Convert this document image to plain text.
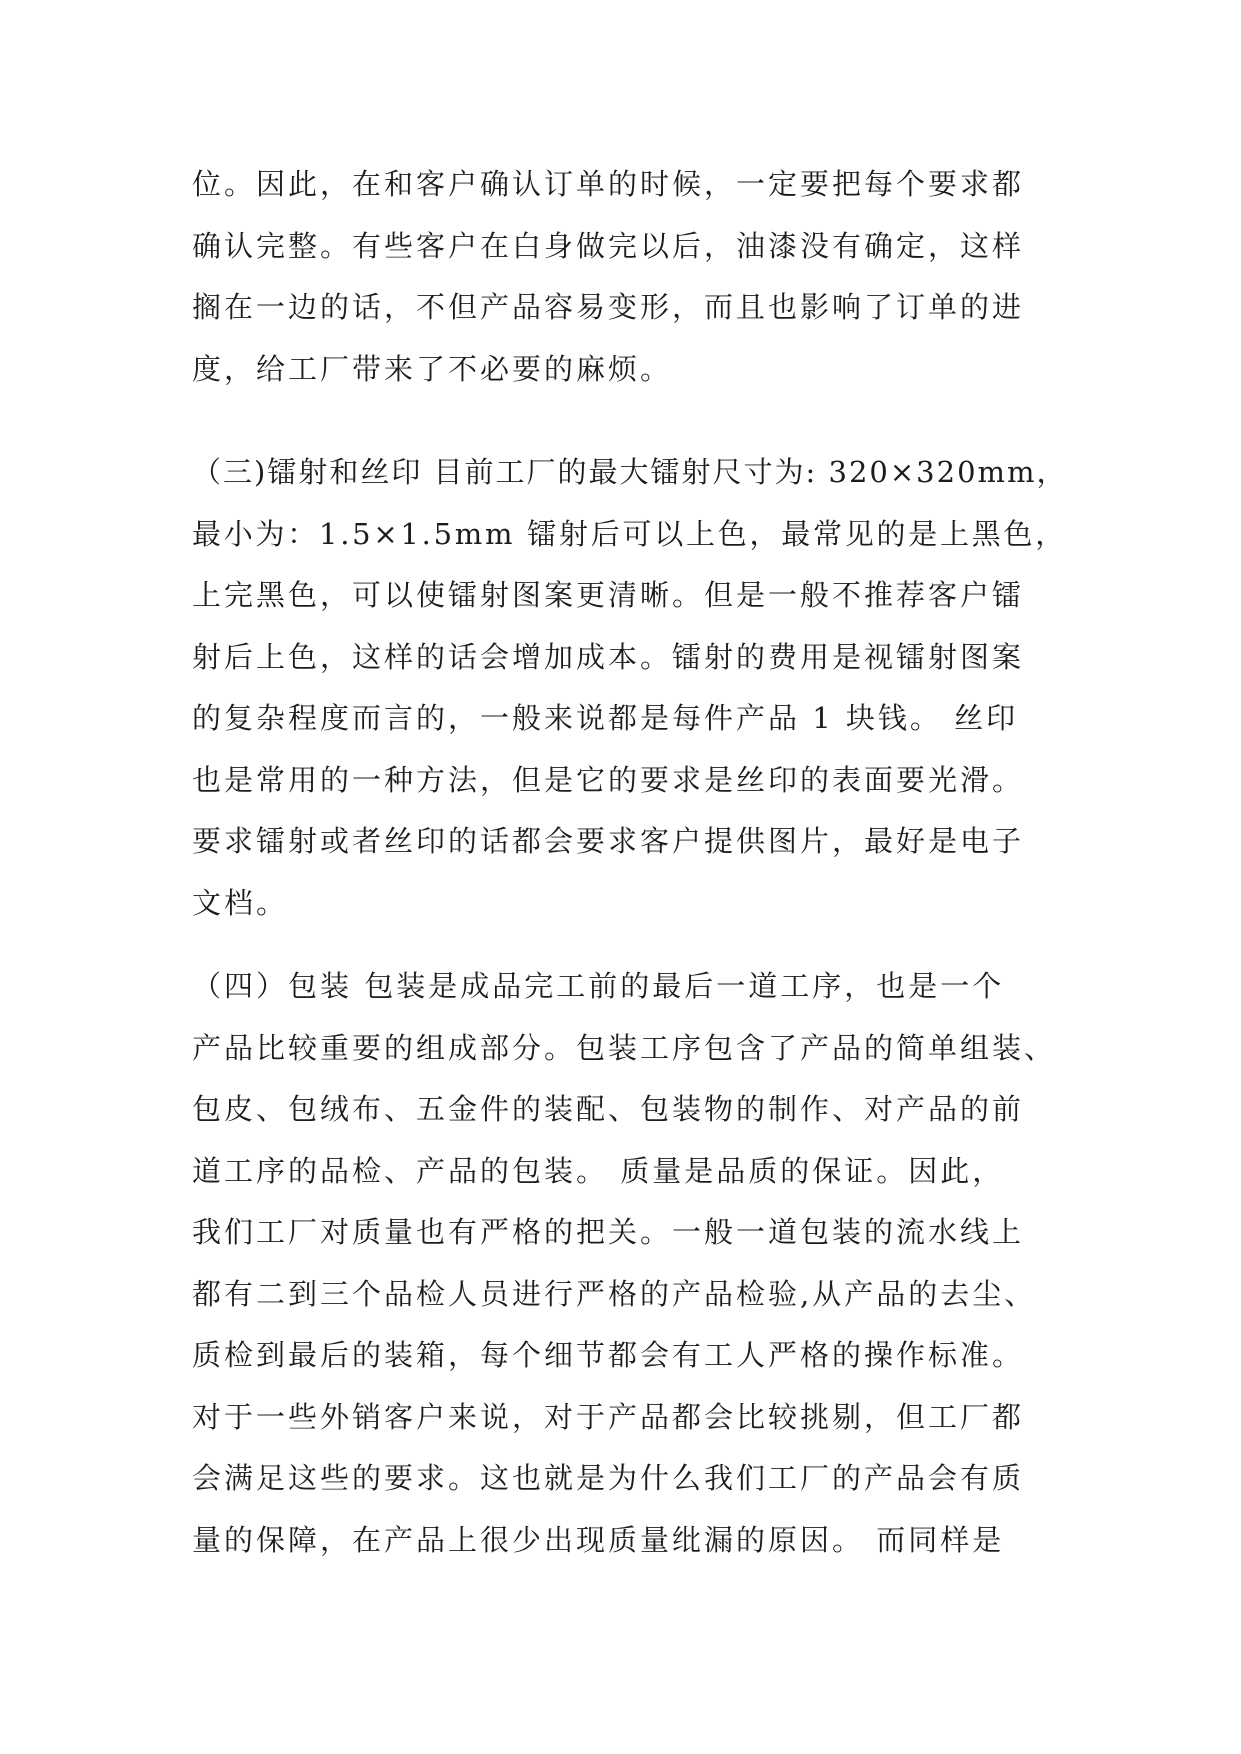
位。因此，在和客户确认订单的时候，一定要把每个要求都
确认完整。有些客户在白身做完以后，油漆没有确定，这样
搁在一边的话，不但产品容易变形，而且也影响了订单的进
度，给工厂带来了不必要的麻烦。
（三)镭射和丝印 目前工厂的最大镭射尺寸为: 320×320mm，
最小为：1.5×1.5mm 镭射后可以上色，最常见的是上黑色，
上完黑色，可以使镭射图案更清晰。但是一般不推荐客户镭
射后上色，这样的话会增加成本。镭射的费用是视镭射图案
的复杂程度而言的，一般来说都是每件产品 1 块钱。 丝印
也是常用的一种方法，但是它的要求是丝印的表面要光滑。
要求镭射或者丝印的话都会要求客户提供图片，最好是电子
文档。
（四）包装 包装是成品完工前的最后一道工序，也是一个
产品比较重要的组成部分。包装工序包含了产品的简单组装、
包皮、包绒布、五金件的装配、包装物的制作、对产品的前
道工序的品检、产品的包装。 质量是品质的保证。因此，
我们工厂对质量也有严格的把关。一般一道包装的流水线上
都有二到三个品检人员进行严格的产品检验,从产品的去尘、
质检到最后的装箱，每个细节都会有工人严格的操作标准。
对于一些外销客户来说，对于产品都会比较挑剔，但工厂都
会满足这些的要求。这也就是为什么我们工厂的产品会有质
量的保障，在产品上很少出现质量纰漏的原因。 而同样是
